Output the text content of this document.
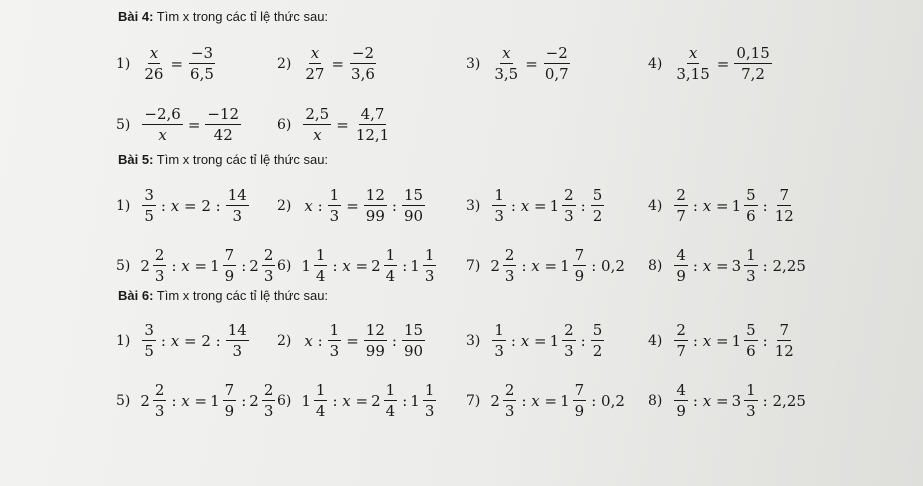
Bài 4: Tìm x trong các tỉ lệ thức sau:
$1) \frac{x}{26} = \frac{-3}{6,5}$	$2) \frac{x}{27} = \frac{-2}{3,6}$	$3) \frac{x}{3,5} = \frac{-2}{0,7}$	$4) \frac{x}{3,15} = \frac{0,15}{7,2}$
$5) \frac{-2,6}{x} = \frac{-12}{42}$	$6) \frac{2,5}{x} = \frac{4,7}{12,1}$
Bài 5: Tìm x trong các tỉ lệ thức sau:
$1) \frac{3}{5}$ : x = 2 : $\frac{14}{3} 2$) x : $\frac{1}{3} = \frac{12}{99}$ : $\frac{15}{90}$	$3) \frac{1}{3}$ : $x = 1 \frac{2}{3}$ : $\frac{5}{2}$	$4) \frac{2}{7}$ : $x = 1 \frac{5}{6}$ : $\frac{7}{12}$
5) $2 \frac{2}{3}$ : $x = 1 \frac{7}{9}$ : $2 \frac{2}{3} 6$) $1 \frac{1}{4}$ : $x = 2 \frac{1}{4}$ : $1 \frac{1}{3} 7$) $2 \frac{2}{3}$ : $x = 1 \frac{7}{9}$ : 0,2 $8) \frac{4}{9}$ : $x = 3 \frac{1}{3}$ : 2,25
Bài 6: Tìm x trong các tỉ lệ thức sau:
$1) \frac{3}{5}$ : x = 2 : $\frac{14}{3} 2$) x : $\frac{1}{3} = \frac{12}{99}$ : $\frac{15}{90}$	$3) \frac{1}{3}$ : $x = 1 \frac{2}{3}$ : $\frac{5}{2}$	$4) \frac{2}{7}$ : $x = 1 \frac{5}{6}$ : $\frac{7}{12}$
5) $2 \frac{2}{3}$ : $x = 1 \frac{7}{9}$ : $2 \frac{2}{3} 6$) $1 \frac{1}{4}$ : $x = 2 \frac{1}{4}$ : $1 \frac{1}{3} 7$) $2 \frac{2}{3}$ : $x = 1 \frac{7}{9}$ : 0,2 $8) \frac{4}{9}$ : $x = 3 \frac{1}{3}$ : 2,25
